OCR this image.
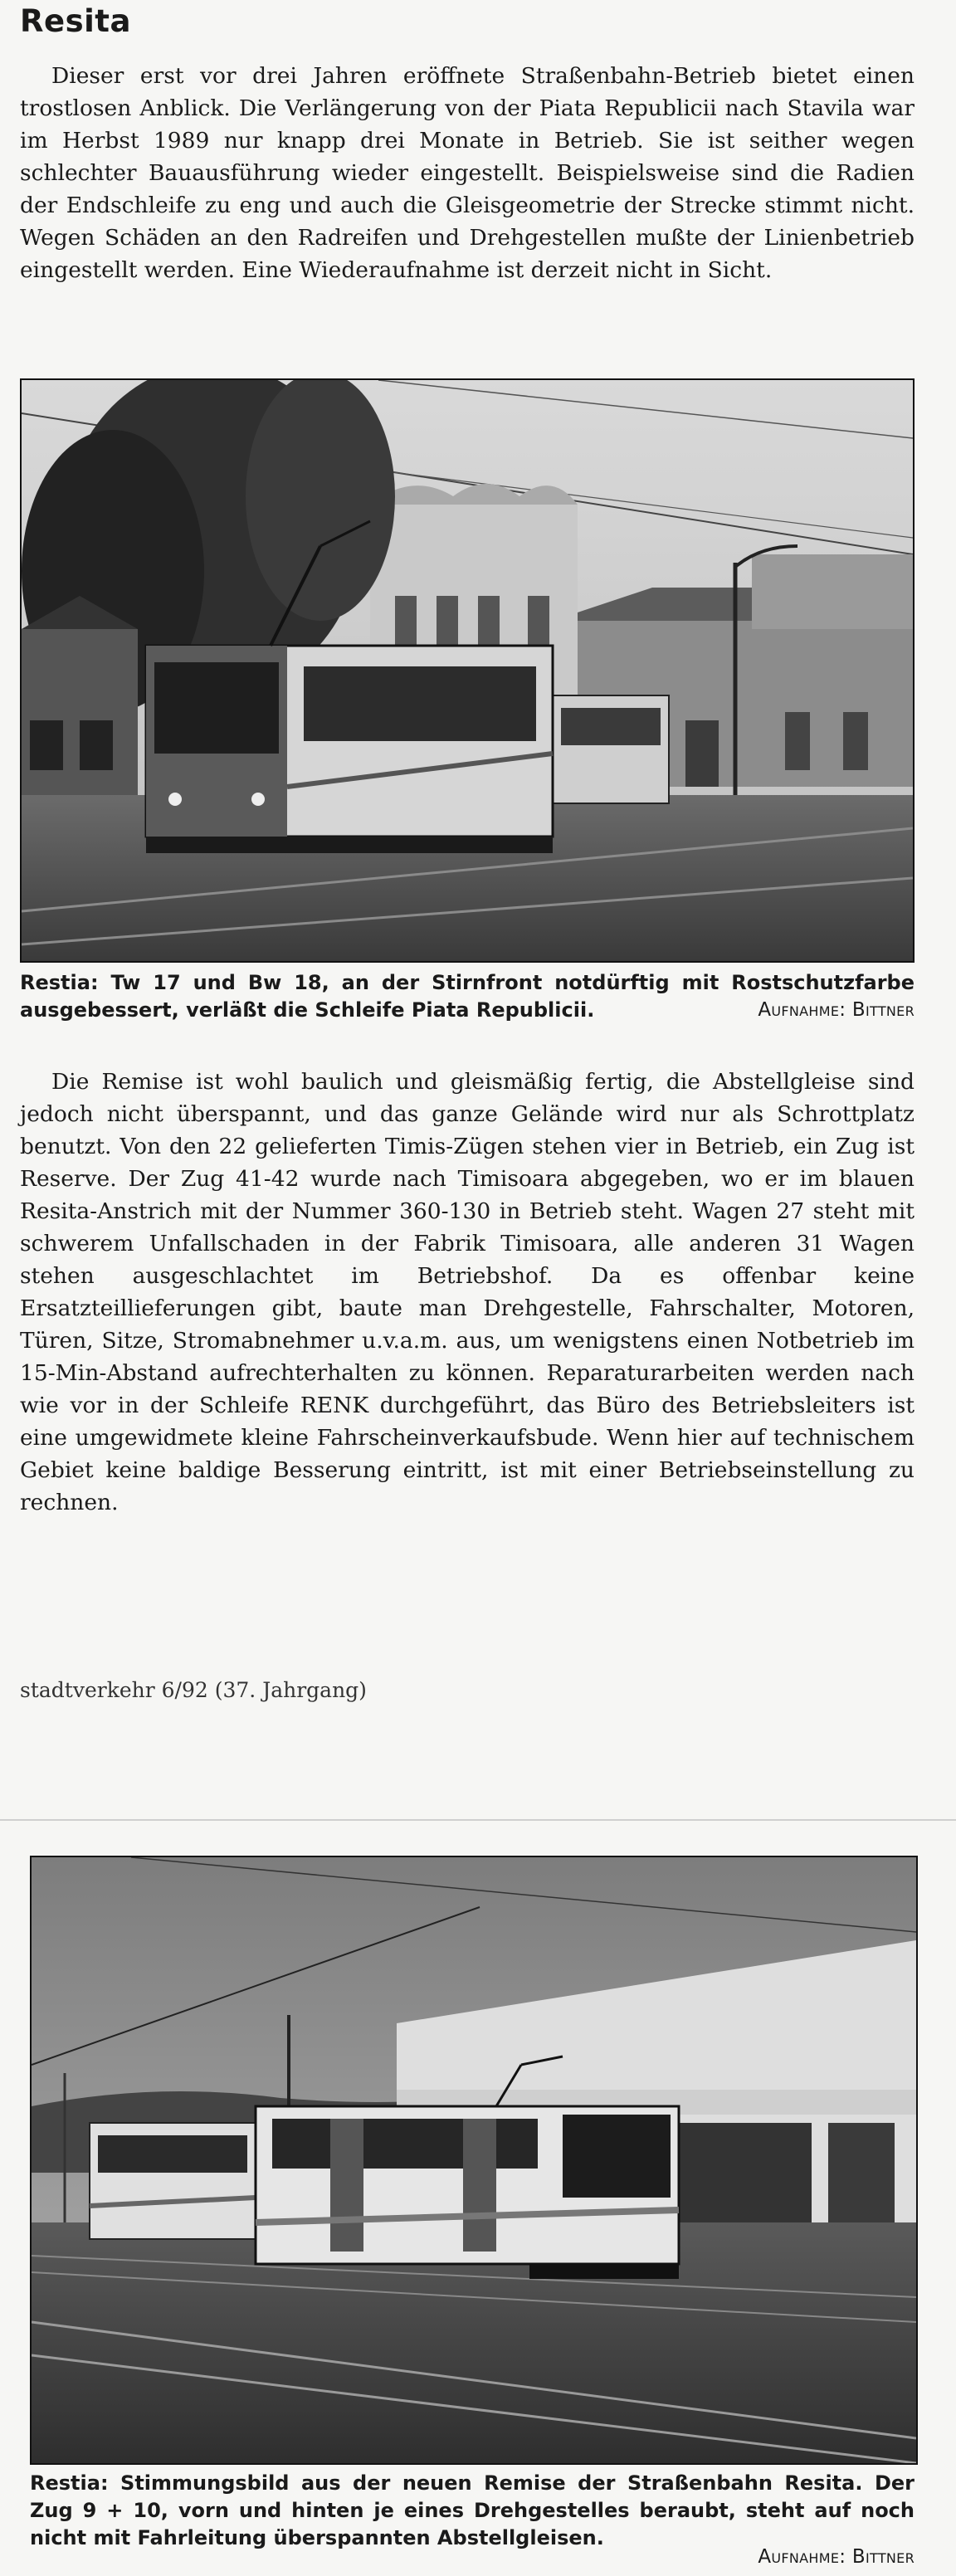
Resita

Dieser erst vor drei Jahren eröffnete Straßenbahn-Betrieb bietet einen trostlosen Anblick. Die Verlängerung von der Piata Republicii nach Stavila war im Herbst 1989 nur knapp drei Monate in Betrieb. Sie ist seither wegen schlechter Bauausführung wieder eingestellt. Beispielsweise sind die Radien der Endschleife zu eng und auch die Gleisgeometrie der Strecke stimmt nicht. Wegen Schäden an den Radreifen und Drehgestellen mußte der Linienbetrieb eingestellt werden. Eine Wiederaufnahme ist derzeit nicht in Sicht.

Restia: Tw 17 und Bw 18, an der Stirnfront notdürftig mit Rostschutzfarbe ausgebessert, verläßt die Schleife Piata Republicii.	Aufnahme: Bittner

Die Remise ist wohl baulich und gleismäßig fertig, die Abstellgleise sind jedoch nicht überspannt, und das ganze Gelände wird nur als Schrottplatz benutzt. Von den 22 gelieferten Timis-Zügen stehen vier in Betrieb, ein Zug ist Reserve. Der Zug 41-42 wurde nach Timisoara abgegeben, wo er im blauen Resita-Anstrich mit der Nummer 360-130 in Betrieb steht. Wagen 27 steht mit schwerem Unfallschaden in der Fabrik Timisoara, alle anderen 31 Wagen stehen ausgeschlachtet im Betriebshof. Da es offenbar keine Ersatzteillieferungen gibt, baute man Drehgestelle, Fahrschalter, Motoren, Türen, Sitze, Stromabnehmer u.v.a.m. aus, um wenigstens einen Notbetrieb im 15-Min-Abstand aufrechterhalten zu können. Reparaturarbeiten werden nach wie vor in der Schleife RENK durchgeführt, das Büro des Betriebsleiters ist eine umgewidmete kleine Fahrscheinverkaufsbude. Wenn hier auf technischem Gebiet keine baldige Besserung eintritt, ist mit einer Betriebseinstellung zu rechnen.

stadtverkehr 6/92 (37. Jahrgang)

Restia: Stimmungsbild aus der neuen Remise der Straßenbahn Resita. Der Zug 9 + 10, vorn und hinten je eines Drehgestelles beraubt, steht auf noch nicht mit Fahrleitung überspannten Abstellgleisen.

Aufnahme: Bittner
